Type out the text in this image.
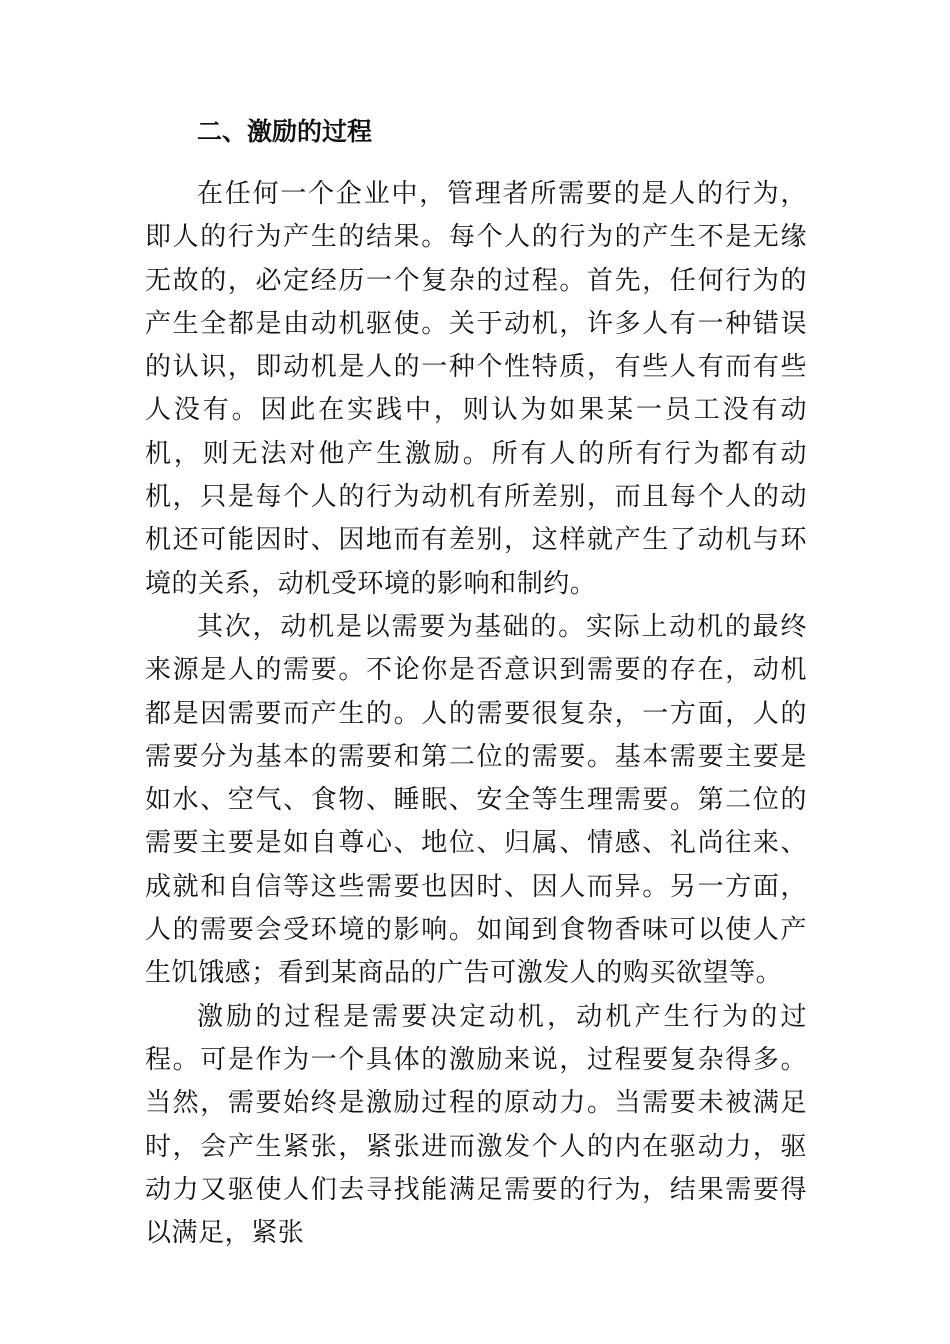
二、激励的过程

在任何一个企业中，管理者所需要的是人的行为，即人的行为产生的结果。每个人的行为的产生不是无缘无故的，必定经历一个复杂的过程。首先，任何行为的产生全都是由动机驱使。关于动机，许多人有一种错误的认识，即动机是人的一种个性特质，有些人有而有些人没有。因此在实践中，则认为如果某一员工没有动机，则无法对他产生激励。所有人的所有行为都有动机，只是每个人的行为动机有所差别，而且每个人的动机还可能因时、因地而有差别，这样就产生了动机与环境的关系，动机受环境的影响和制约。

其次，动机是以需要为基础的。实际上动机的最终来源是人的需要。不论你是否意识到需要的存在，动机都是因需要而产生的。人的需要很复杂，一方面，人的需要分为基本的需要和第二位的需要。基本需要主要是如水、空气、食物、睡眠、安全等生理需要。第二位的需要主要是如自尊心、地位、归属、情感、礼尚往来、成就和自信等这些需要也因时、因人而异。另一方面，人的需要会受环境的影响。如闻到食物香味可以使人产生饥饿感；看到某商品的广告可激发人的购买欲望等。

激励的过程是需要决定动机，动机产生行为的过程。可是作为一个具体的激励来说，过程要复杂得多。当然，需要始终是激励过程的原动力。当需要未被满足时，会产生紧张，紧张进而激发个人的内在驱动力，驱动力又驱使人们去寻找能满足需要的行为，结果需要得以满足，紧张
